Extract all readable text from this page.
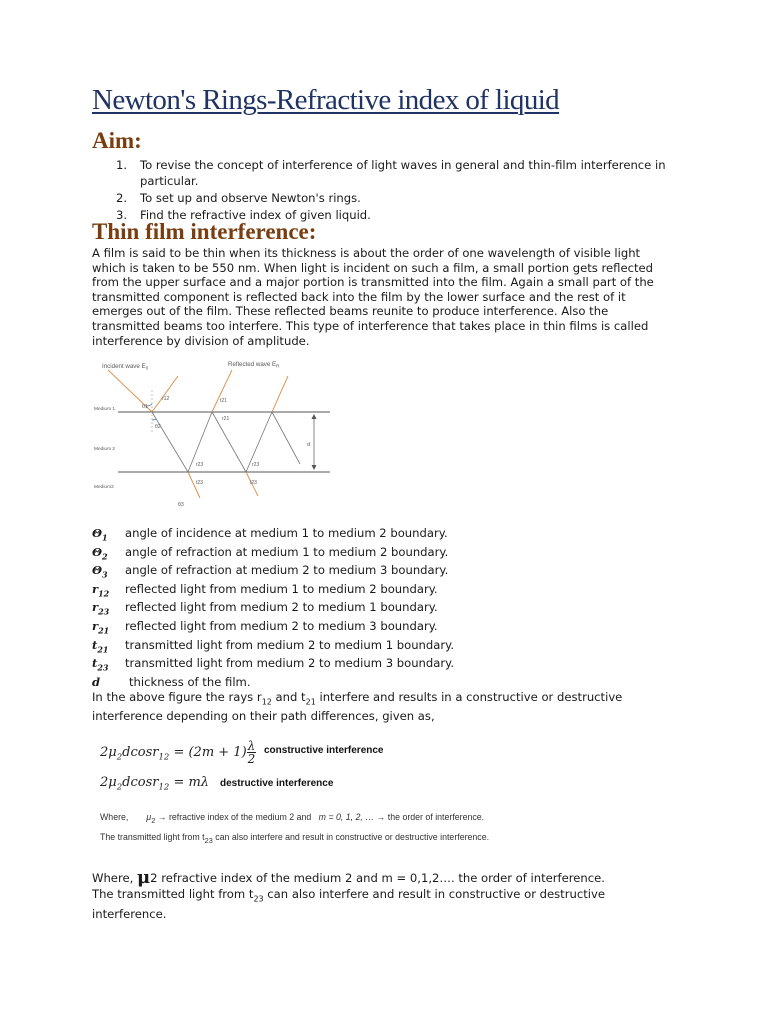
Newton's Rings-Refractive index of liquid
Aim:
1. To revise the concept of interference of light waves in general and thin-film interference in particular.
2. To set up and observe Newton's rings.
3. Find the refractive index of given liquid.
Thin film interference:

A film is said to be thin when its thickness is about the order of one wavelength of visible light which is taken to be 550 nm. When light is incident on such a film, a small portion gets reflected from the upper surface and a major portion is transmitted into the film. Again a small part of the transmitted component is reflected back into the film by the lower surface and the rest of it emerges out of the film. These reflected beams reunite to produce interference. Also the transmitted beams too interfere. This type of interference that takes place in thin films is called interference by division of amplitude.

Incident wave $E_0$	Reflected wave $E_R$
Medium 1
Medium 2
Medium3
θ1
θ2
θ3
r12	t21
r21
r23
t23
r23
t23
d
$\Theta_1$	angle of incidence at medium 1 to medium 2 boundary.
$\Theta_2$	angle of refraction at medium 1 to medium 2 boundary.
$\Theta_3$	angle of refraction at medium 2 to medium 3 boundary.
$r_{12}$	reflected light from medium 1 to medium 2 boundary.
$r_{23}$	reflected light from medium 2 to medium 1 boundary.
$r_{21}$	reflected light from medium 2 to medium 3 boundary.
$t_{21}$	transmitted light from medium 2 to medium 1 boundary.
$t_{23}$	transmitted light from medium 2 to medium 3 boundary.
d	thickness of the film.

In the above figure the rays $r_{12}$ and $t_{21}$ interfere and results in a constructive or destructive interference depending on their path differences, given as,

$2\mu_2dcosr_{12} = (2m + 1) \frac{\lambda}{2}$ constructive interference
$2\mu_2dcosr_{12} = m\lambda$ destructive interference
Where, $\mu_2$ → refractive index of the medium 2 and m = 0, 1, 2, … → the order of interference.
The transmitted light from $t_{23}$ can also interfere and result in constructive or destructive interference.

Where, μ2 refractive index of the medium 2 and m = 0,1,2…. the order of interference.

The transmitted light from $t_{23}$ can also interfere and result in constructive or destructive interference.
